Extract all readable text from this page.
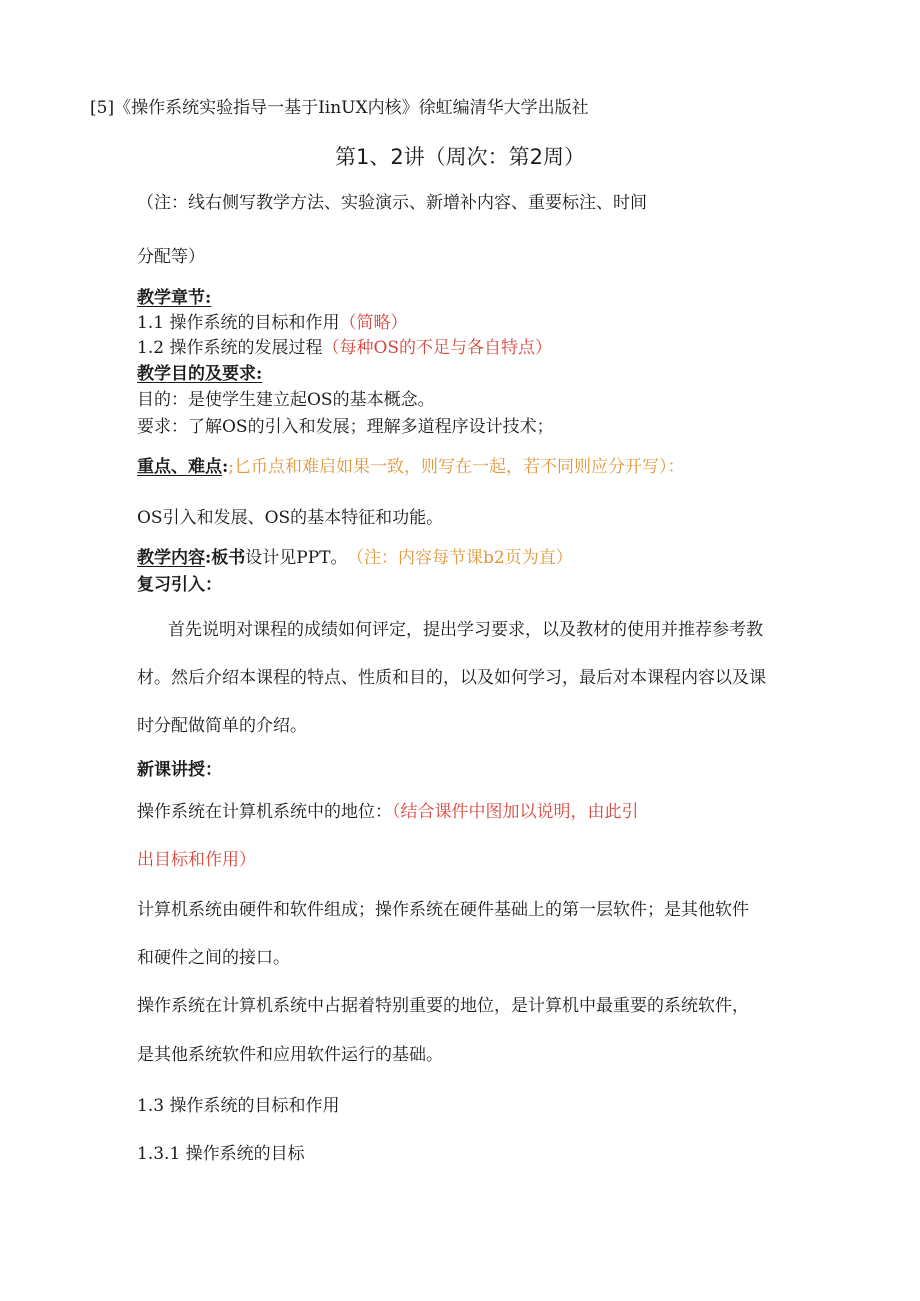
[5]《操作系统实验指导一基于IinUX内核》徐虹编清华大学出版社
第1、2讲（周次：第2周）
（注：线右侧写教学方法、实验演示、新增补内容、重要标注、时间
分配等）
教学章节:
1.1 操作系统的目标和作用（简略）
1.2 操作系统的发展过程（每种OS的不足与各自特点）
教学目的及要求:
目的：是使学生建立起OS的基本概念。
要求：了解OS的引入和发展；理解多道程序设计技术；
重点、难点:;匕币点和难启如果一致，则写在一起，若不同则应分开写）：
OS引入和发展、OS的基本特征和功能。
教学内容:板书设计见PPT。 （注：内容每节课b2页为直）
复习引入：
首先说明对课程的成绩如何评定，提出学习要求，以及教材的使用并推荐参考教
材。然后介绍本课程的特点、性质和目的，以及如何学习，最后对本课程内容以及课
时分配做简单的介绍。
新课讲授：
操作系统在计算机系统中的地位：（结合课件中图加以说明，由此引
出目标和作用）
计算机系统由硬件和软件组成；操作系统在硬件基础上的第一层软件；是其他软件
和硬件之间的接口。
操作系统在计算机系统中占据着特别重要的地位，是计算机中最重要的系统软件，
是其他系统软件和应用软件运行的基础。
1.3 操作系统的目标和作用
1.3.1 操作系统的目标
